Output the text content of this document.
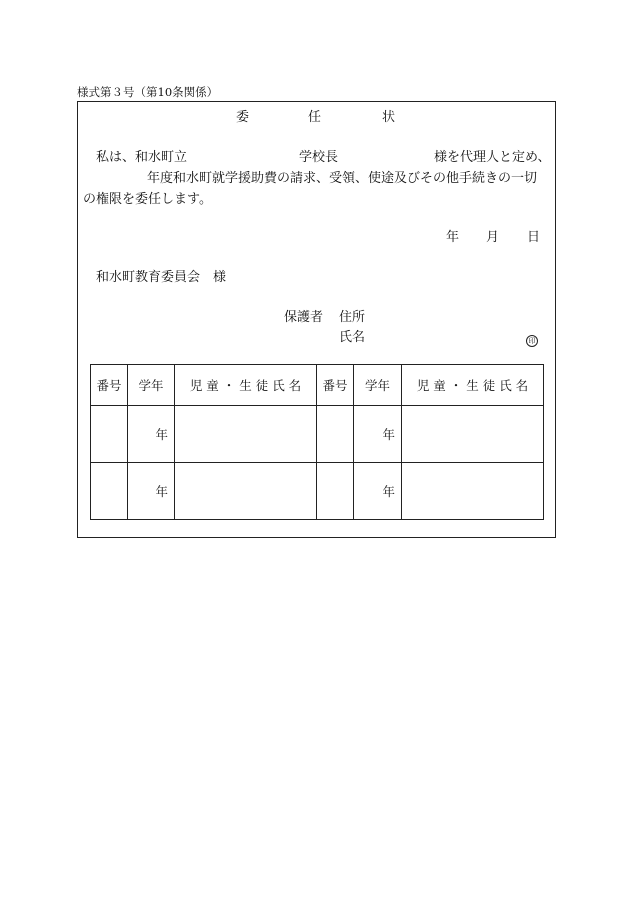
様式第３号（第10条関係）
委	任	状
私は、和水町立	学校長	様を代理人と定め、
年度和水町就学援助費の請求、受領、使途及びその他手続きの一切
の権限を委任します。
年 月 日
和水町教育委員会　様
保護者 住所
氏名	印
番号	学年	児 童 ・ 生 徒 氏 名	番号	学年	児 童 ・ 生 徒 氏 名
	年			年	
	年			年	
